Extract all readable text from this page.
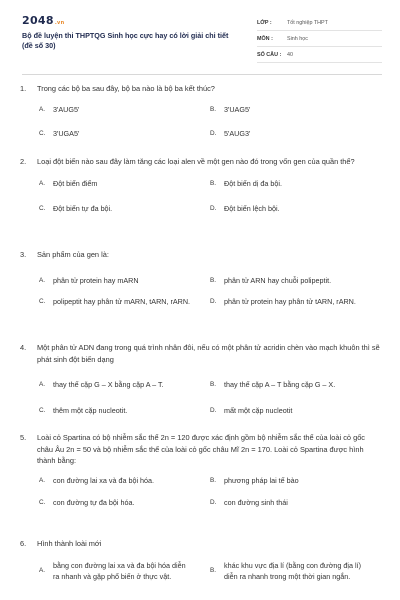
2048.vn
Bộ đề luyện thi THPTQG Sinh học cực hay có lời giải chi tiết (đề số 30)
LỚP :	Tốt nghiệp THPT
MÔN :	Sinh học
SỐ CÂU :	40
1.	Trong các bộ ba sau đây, bộ ba nào là bộ ba kết thúc?
A.	3'AUG5'	B.	3'UAG5'
C.	3'UGA5'	D.	5'AUG3'
2.	Loại đột biến nào sau đây làm tăng các loại alen về một gen nào đó trong vốn gen của quần thể?
A.	Đột biến điểm	B.	Đột biến dị đa bội.
C.	Đột biến tự đa bội.	D.	Đột biến lệch bội.
3.	Sản phẩm của gen là:
A.	phân tử protein hay mARN	B.	phân tử ARN hay chuỗi polipeptit.
C.	polipeptit hay phân tử mARN, tARN, rARN.	D.	phân tử protein hay phân tử tARN, rARN.
4.	Một phân tử ADN đang trong quá trình nhân đôi, nếu có một phân tử acridin chèn vào mạch khuôn thì sẽ phát sinh đột biến dạng
A.	thay thế cặp G – X bằng cặp A – T.	B.	thay thế cặp A – T bằng cặp G – X.
C.	thêm một cặp nucleotit.	D.	mất một cặp nucleotit
5.	Loài cỏ Spartina có bộ nhiễm sắc thể 2n = 120 được xác định gồm bộ nhiễm sắc thể của loài cỏ gốc châu Âu 2n = 50 và bộ nhiễm sắc thể của loài cỏ gốc châu Mĩ 2n = 170. Loài cỏ Spartina được hình thành bằng:
A.	con đường lai xa và đa bội hóa.	B.	phương pháp lai tế bào
C.	con đường tự đa bội hóa.	D.	con đường sinh thái
6.	Hình thành loài mới
A.
bằng con đường lai xa và đa bội hóa diễn ra nhanh và gặp phổ biến ở thực vật.
B.
khác khu vực địa lí (bằng con đường địa lí) diễn ra nhanh trong một thời gian ngắn.
